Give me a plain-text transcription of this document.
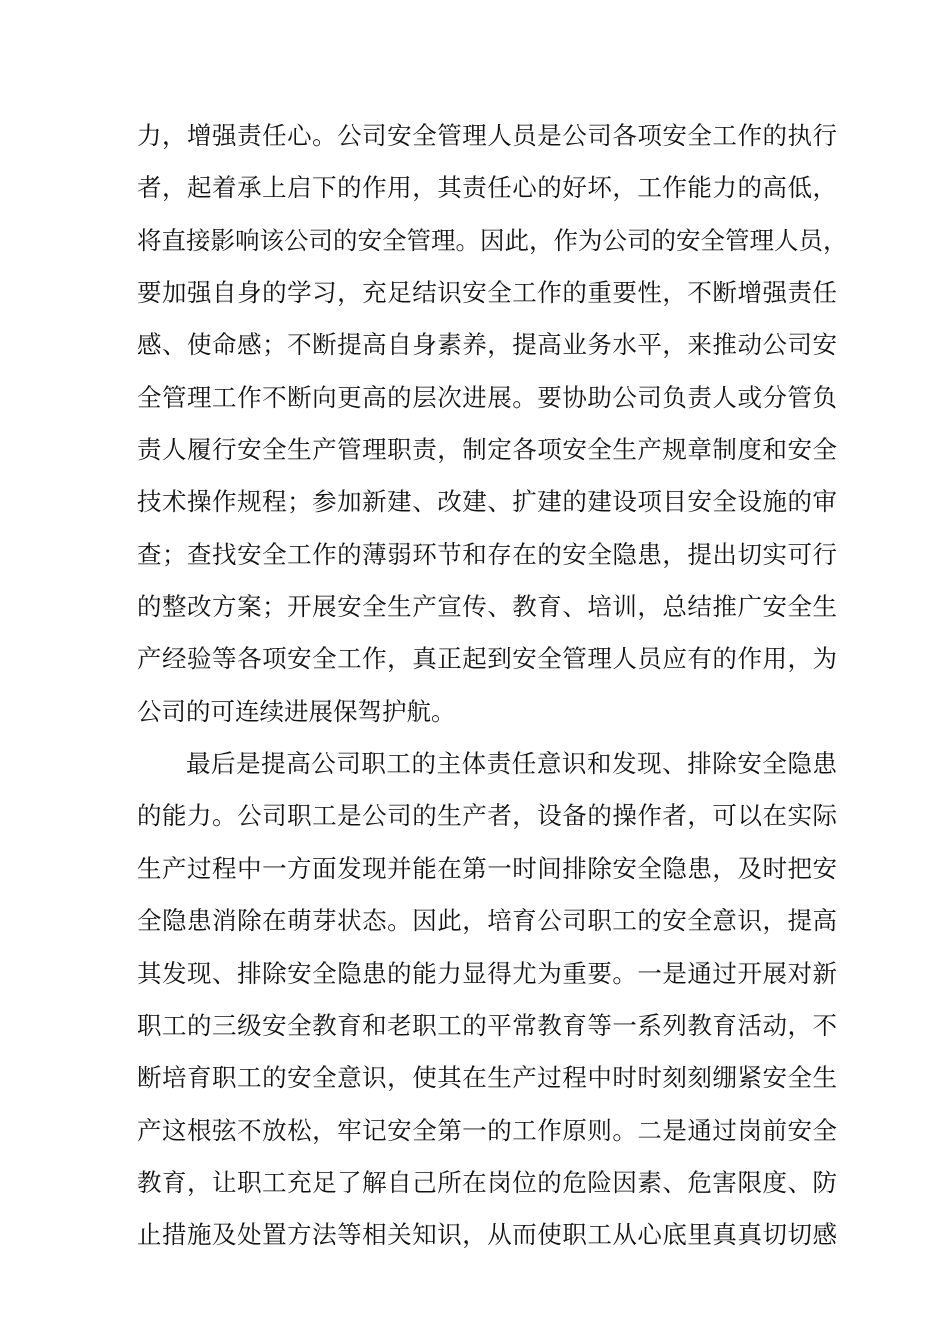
力，增强责任心。公司安全管理人员是公司各项安全工作的执行
者，起着承上启下的作用，其责任心的好坏，工作能力的高低，
将直接影响该公司的安全管理。因此，作为公司的安全管理人员，
要加强自身的学习，充足结识安全工作的重要性，不断增强责任
感、使命感；不断提高自身素养，提高业务水平，来推动公司安
全管理工作不断向更高的层次进展。要协助公司负责人或分管负
责人履行安全生产管理职责，制定各项安全生产规章制度和安全
技术操作规程；参加新建、改建、扩建的建设项目安全设施的审
查；查找安全工作的薄弱环节和存在的安全隐患，提出切实可行
的整改方案；开展安全生产宣传、教育、培训，总结推广安全生
产经验等各项安全工作，真正起到安全管理人员应有的作用，为
公司的可连续进展保驾护航。
最后是提高公司职工的主体责任意识和发现、排除安全隐患
的能力。公司职工是公司的生产者，设备的操作者，可以在实际
生产过程中一方面发现并能在第一时间排除安全隐患，及时把安
全隐患消除在萌芽状态。因此，培育公司职工的安全意识，提高
其发现、排除安全隐患的能力显得尤为重要。一是通过开展对新
职工的三级安全教育和老职工的平常教育等一系列教育活动，不
断培育职工的安全意识，使其在生产过程中时时刻刻绷紧安全生
产这根弦不放松，牢记安全第一的工作原则。二是通过岗前安全
教育，让职工充足了解自己所在岗位的危险因素、危害限度、防
止措施及处置方法等相关知识，从而使职工从心底里真真切切感
